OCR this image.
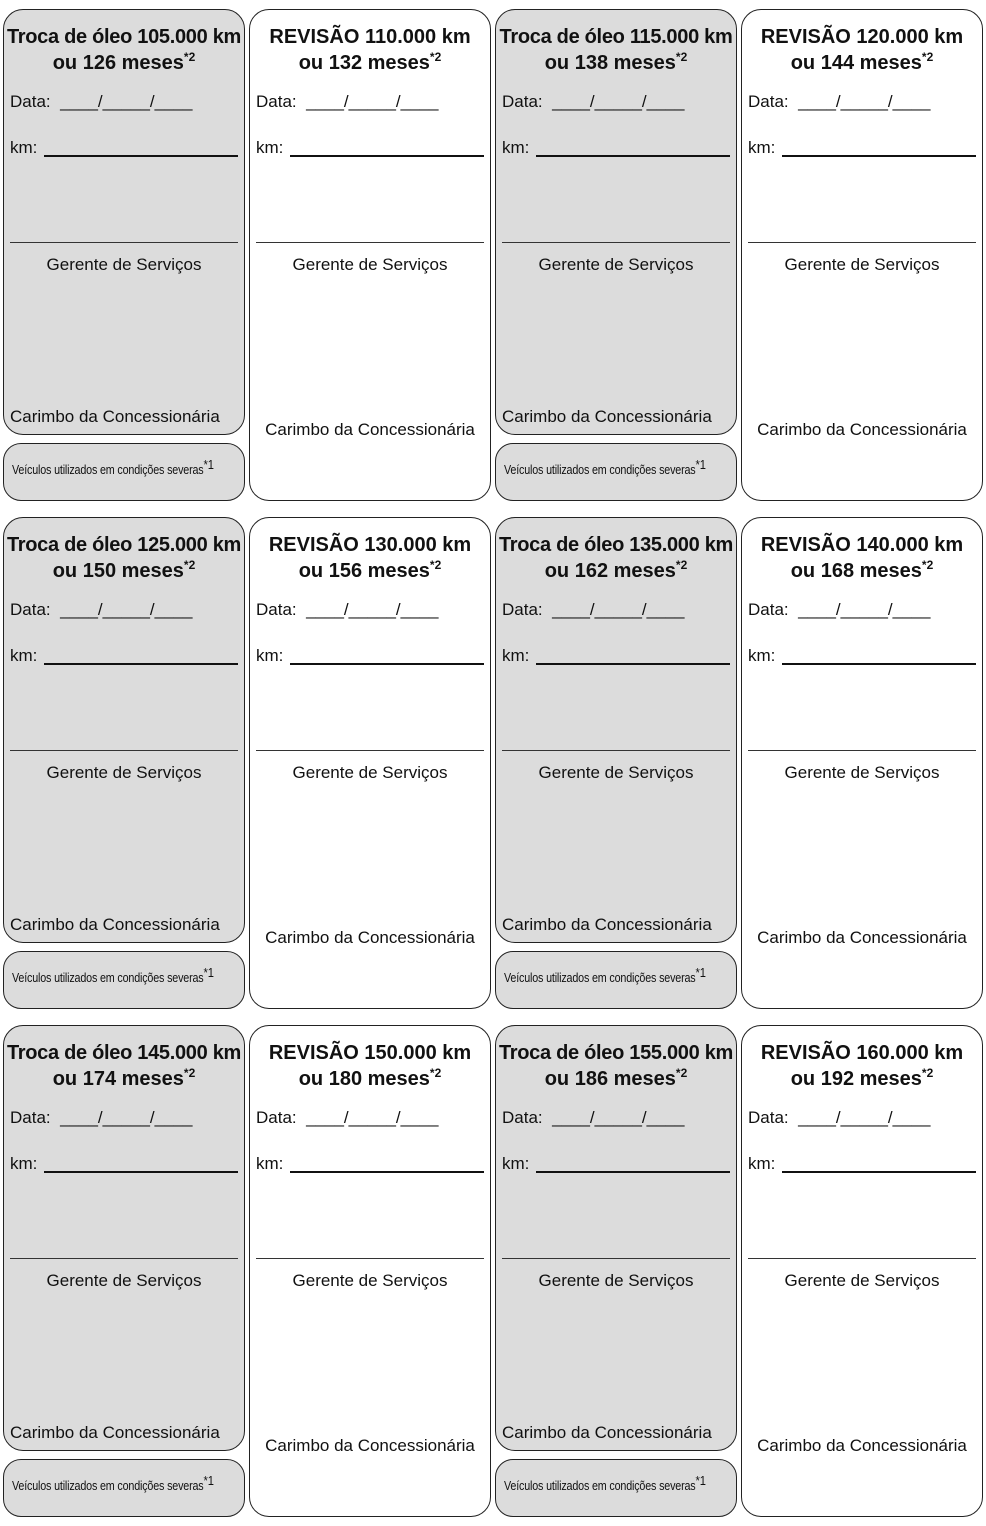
Troca de óleo 105.000 km
ou 126 meses$^{*2}$
Data: ____/_____/____
km:
Gerente de Serviços
Carimbo da Concessionária
Veículos utilizados em condições severas$^{*1}$
REVISÃO 110.000 km
ou 132 meses$^{*2}$
Data: ____/_____/____
km:
Gerente de Serviços
Carimbo da Concessionária
Troca de óleo 115.000 km
ou 138 meses$^{*2}$
Data: ____/_____/____
km:
Gerente de Serviços
Carimbo da Concessionária
Veículos utilizados em condições severas$^{*1}$
REVISÃO 120.000 km
ou 144 meses$^{*2}$
Data: ____/_____/____
km:
Gerente de Serviços
Carimbo da Concessionária
Troca de óleo 125.000 km
ou 150 meses$^{*2}$
Data: ____/_____/____
km:
Gerente de Serviços
Carimbo da Concessionária
Veículos utilizados em condições severas$^{*1}$
REVISÃO 130.000 km
ou 156 meses$^{*2}$
Data: ____/_____/____
km:
Gerente de Serviços
Carimbo da Concessionária
Troca de óleo 135.000 km
ou 162 meses$^{*2}$
Data: ____/_____/____
km:
Gerente de Serviços
Carimbo da Concessionária
Veículos utilizados em condições severas$^{*1}$
REVISÃO 140.000 km
ou 168 meses$^{*2}$
Data: ____/_____/____
km:
Gerente de Serviços
Carimbo da Concessionária
Troca de óleo 145.000 km
ou 174 meses$^{*2}$
Data: ____/_____/____
km:
Gerente de Serviços
Carimbo da Concessionária
Veículos utilizados em condições severas$^{*1}$
REVISÃO 150.000 km
ou 180 meses$^{*2}$
Data: ____/_____/____
km:
Gerente de Serviços
Carimbo da Concessionária
Troca de óleo 155.000 km
ou 186 meses$^{*2}$
Data: ____/_____/____
km:
Gerente de Serviços
Carimbo da Concessionária
Veículos utilizados em condições severas$^{*1}$
REVISÃO 160.000 km
ou 192 meses$^{*2}$
Data: ____/_____/____
km:
Gerente de Serviços
Carimbo da Concessionária
